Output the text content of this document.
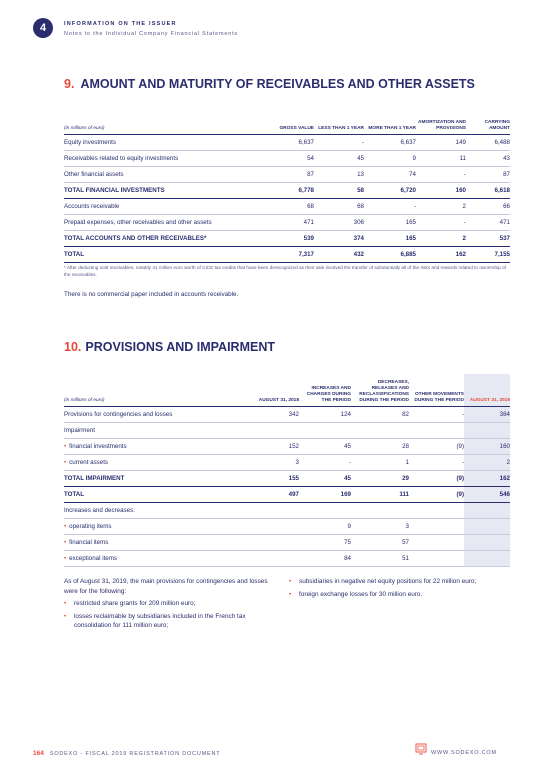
4	INFORMATION ON THE ISSUER
Notes to the Individual Company Financial Statements
9. AMOUNT AND MATURITY OF RECEIVABLES AND OTHER ASSETS
(in millions of euro)	GROSS VALUE	LESS THAN 1 YEAR	MORE THAN 1 YEAR	AMORTIZATION AND PROVISIONS	CARRYING AMOUNT
Equity investments	6,637	-	6,637	149	6,488
Receivables related to equity investments	54	45	9	11	43
Other financial assets	87	13	74	-	87
TOTAL FINANCIAL INVESTMENTS	6,778	58	6,720	160	6,618
Accounts receivable	68	68	-	2	66
Prepaid expenses, other receivables and other assets	471	306	165	-	471
TOTAL ACCOUNTS AND OTHER RECEIVABLES*	539	374	165	2	537
TOTAL	7,317	432	6,885	162	7,155
* After deducting sold receivables, notably 41 million euro worth of CICE tax credits that have been derecognized as their sale involved the transfer of substantially all of the risks and rewards related to ownership of the receivables.
There is no commercial paper included in accounts receivable.
10. PROVISIONS AND IMPAIRMENT
(in millions of euro)	AUGUST 31, 2018	INCREASES AND CHARGES DURING THE PERIOD	DECREASES, RELEASES AND RECLASSIFICATIONS DURING THE PERIOD	OTHER MOVEMENTS DURING THE PERIOD	AUGUST 31, 2019
Provisions for contingencies and losses	342	124	82	-	384
Impairment					
• financial investments	152	45	28	(9)	160
• current assets	3	-	1	-	2
TOTAL IMPAIRMENT	155	45	29	(9)	162
TOTAL	497	169	111	(9)	546
Increases and decreases:					
• operating items		9	3		
• financial items		75	57		
• exceptional items		84	51		
As of August 31, 2019, the main provisions for contingencies and losses were for the following:
• restricted share grants for 209 million euro;
• losses reclaimable by subsidiaries included in the French tax consolidation for 111 million euro;
• subsidiaries in negative net equity positions for 22 million euro;
• foreign exchange losses for 30 million euro.
164 SODEXO - FISCAL 2019 REGISTRATION DOCUMENT	WWW.SODEXO.COM
